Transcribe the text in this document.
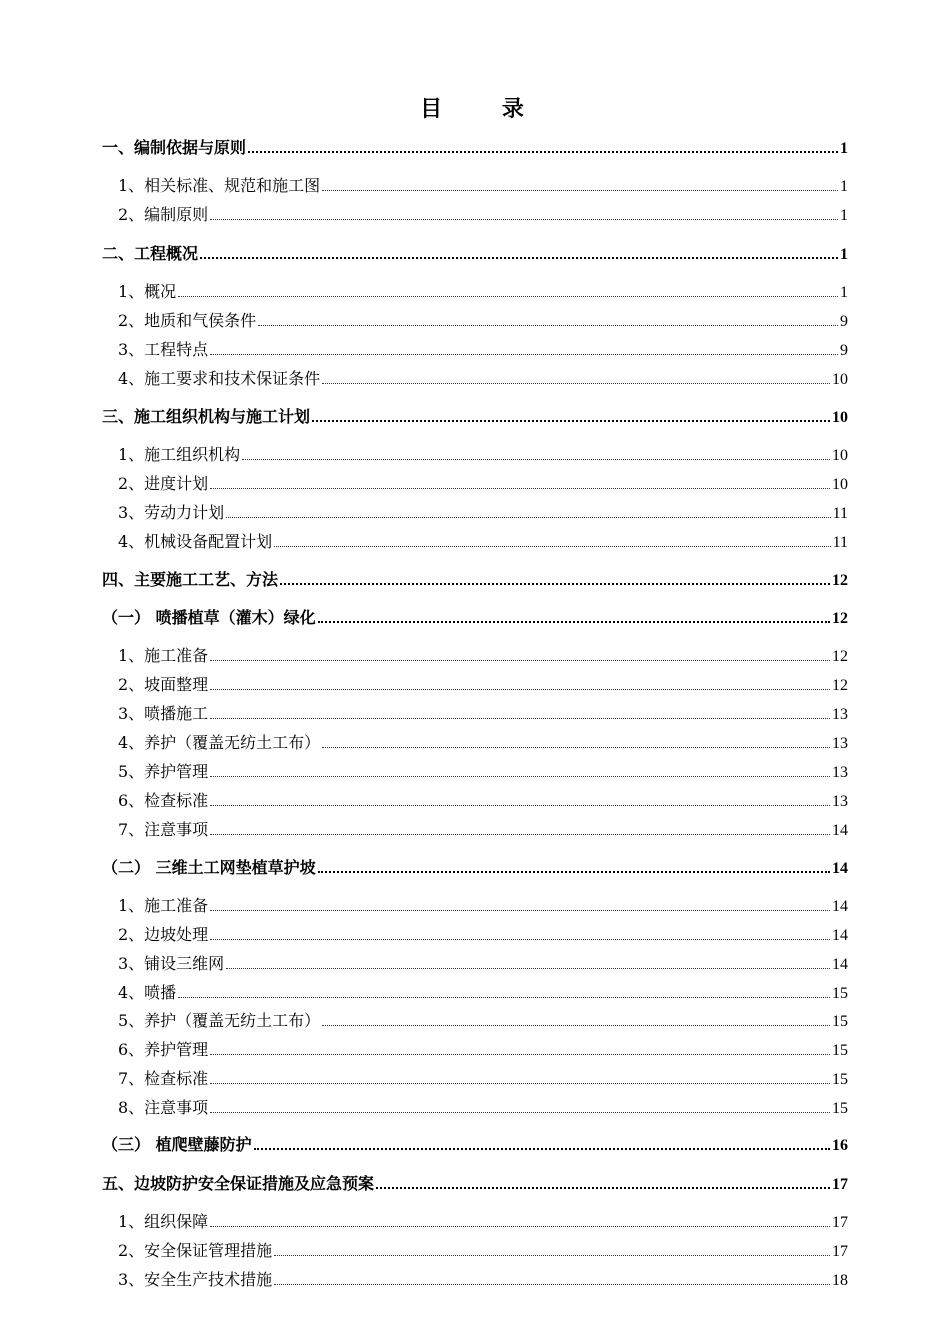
目 录
一、编制依据与原则	1
1、相关标准、规范和施工图	1
2、编制原则	1
二、工程概况	1
1、概况	1
2、地质和气侯条件	9
3、工程特点	9
4、施工要求和技术保证条件	10
三、施工组织机构与施工计划	10
1、施工组织机构	10
2、进度计划	10
3、劳动力计划	11
4、机械设备配置计划	11
四、主要施工工艺、方法	12
（一） 喷播植草（灌木）绿化	12
1、施工准备	12
2、坡面整理	12
3、喷播施工	13
4、养护（覆盖无纺土工布）	13
5、养护管理	13
6、检查标准	13
7、注意事项	14
（二） 三维土工网垫植草护坡	14
1、施工准备	14
2、边坡处理	14
3、铺设三维网	14
4、喷播	15
5、养护（覆盖无纺土工布）	15
6、养护管理	15
7、检查标准	15
8、注意事项	15
（三） 植爬壁藤防护	16
五、边坡防护安全保证措施及应急预案	17
1、组织保障	17
2、安全保证管理措施	17
3、安全生产技术措施	18
